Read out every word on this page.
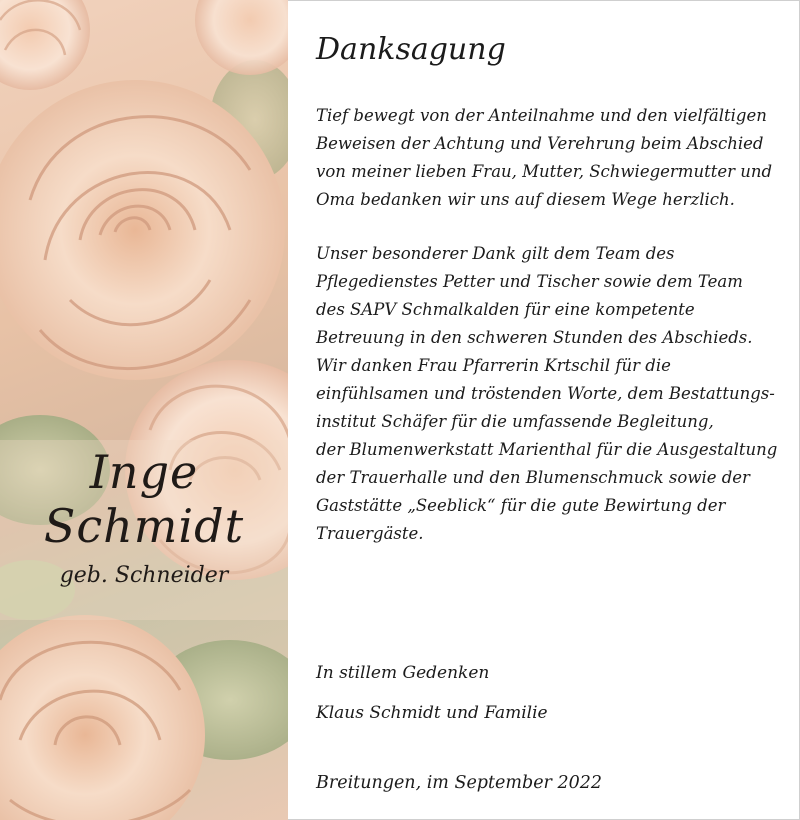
Inge
Schmidt
geb. Schneider
Danksagung

Tief bewegt von der Anteilnahme und den vielfältigen
Beweisen der Achtung und Verehrung beim Abschied
von meiner lieben Frau, Mutter, Schwiegermutter und
Oma bedanken wir uns auf diesem Wege herzlich.

Unser besonderer Dank gilt dem Team des
Pflegedienstes Petter und Tischer sowie dem Team
des SAPV Schmalkalden für eine kompetente
Betreuung in den schweren Stunden des Abschieds.
Wir danken Frau Pfarrerin Krtschil für die
einfühlsamen und tröstenden Worte, dem Bestattungs-
institut Schäfer für die umfassende Begleitung,
der Blumenwerkstatt Marienthal für die Ausgestaltung
der Trauerhalle und den Blumenschmuck sowie der
Gaststätte „Seeblick“ für die gute Bewirtung der
Trauergäste.

In stillem Gedenken
Klaus Schmidt und Familie
Breitungen, im September 2022
